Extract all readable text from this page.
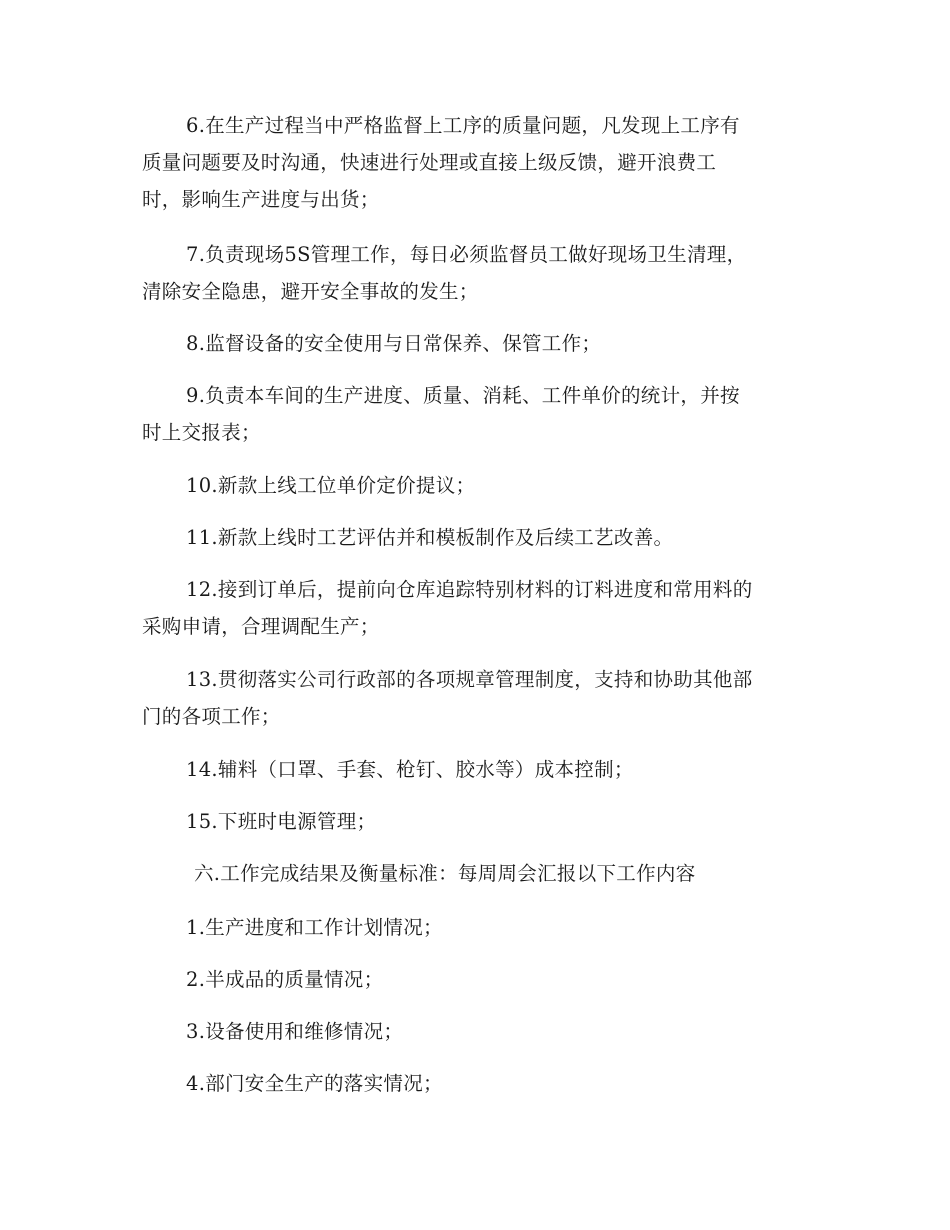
6.在生产过程当中严格监督上工序的质量问题，凡发现上工序有
质量问题要及时沟通，快速进行处理或直接上级反馈，避开浪费工
时，影响生产进度与出货；

7.负责现场5S管理工作，每日必须监督员工做好现场卫生清理，
清除安全隐患，避开安全事故的发生；

8.监督设备的安全使用与日常保养、保管工作；

9.负责本车间的生产进度、质量、消耗、工件单价的统计，并按
时上交报表；

10.新款上线工位单价定价提议；

11.新款上线时工艺评估并和模板制作及后续工艺改善。

12.接到订单后，提前向仓库追踪特别材料的订料进度和常用料的
采购申请，合理调配生产；

13.贯彻落实公司行政部的各项规章管理制度，支持和协助其他部
门的各项工作；

14.辅料（口罩、手套、枪钉、胶水等）成本控制；

15.下班时电源管理；

六.工作完成结果及衡量标准：每周周会汇报以下工作内容

1.生产进度和工作计划情况；

2.半成品的质量情况；

3.设备使用和维修情况；

4.部门安全生产的落实情况；
